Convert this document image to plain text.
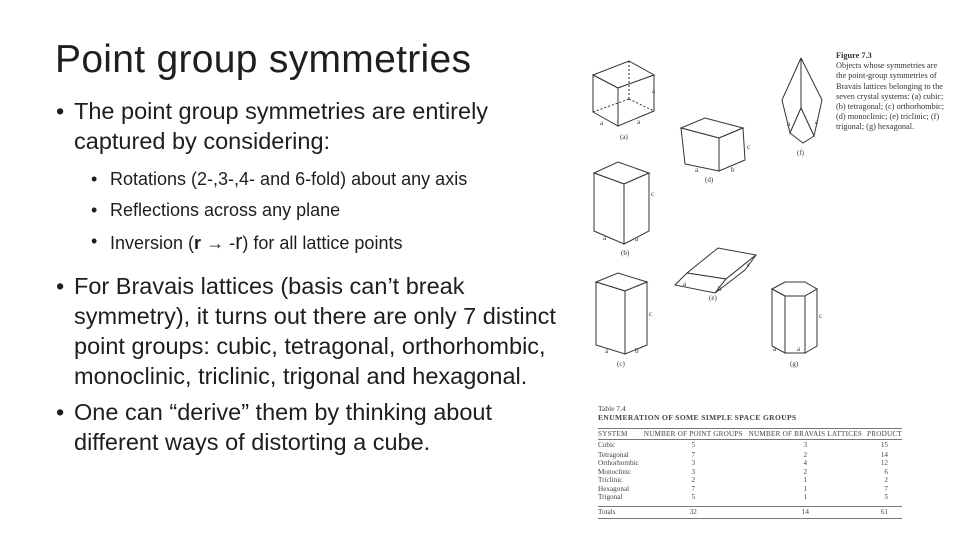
Point group symmetries

• The point group symmetries are entirely captured by considering:

• Rotations (2-,3-,4- and 6-fold) about any axis
• Reflections across any plane
• Inversion (r → -r) for all lattice points

• For Bravais lattices (basis can’t break symmetry), it turns out there are only 7 distinct point groups: cubic, tetragonal, orthorhombic, monoclinic, triclinic, trigonal and hexagonal.

• One can “derive” them by thinking about different ways of distorting a cube.

a
a	a
(a)
c
a	a
(b)
c
a	b
(c)
c
a	b
(d)
c
a
b
(e)
a	a
(f)
c
a	a
(g)
Figure 7.3
Objects whose symmetries are the point-group symmetries of Bravais lattices belonging to the seven crystal systems: (a) cubic; (b) tetragonal; (c) orthorhombic; (d) monoclinic; (e) triclinic; (f) trigonal; (g) hexagonal.
Table 7.4
ENUMERATION OF SOME SIMPLE SPACE GROUPS
SYSTEM	NUMBER OF POINT GROUPS	NUMBER OF BRAVAIS LATTICES	PRODUCT
Cubic	5	3	15
Tetragonal	7	2	14
Orthorhombic	3	4	12
Monoclinic	3	2	6
Triclinic	2	1	2
Hexagonal	7	1	7
Trigonal	5	1	5
Totals	32	14	61
